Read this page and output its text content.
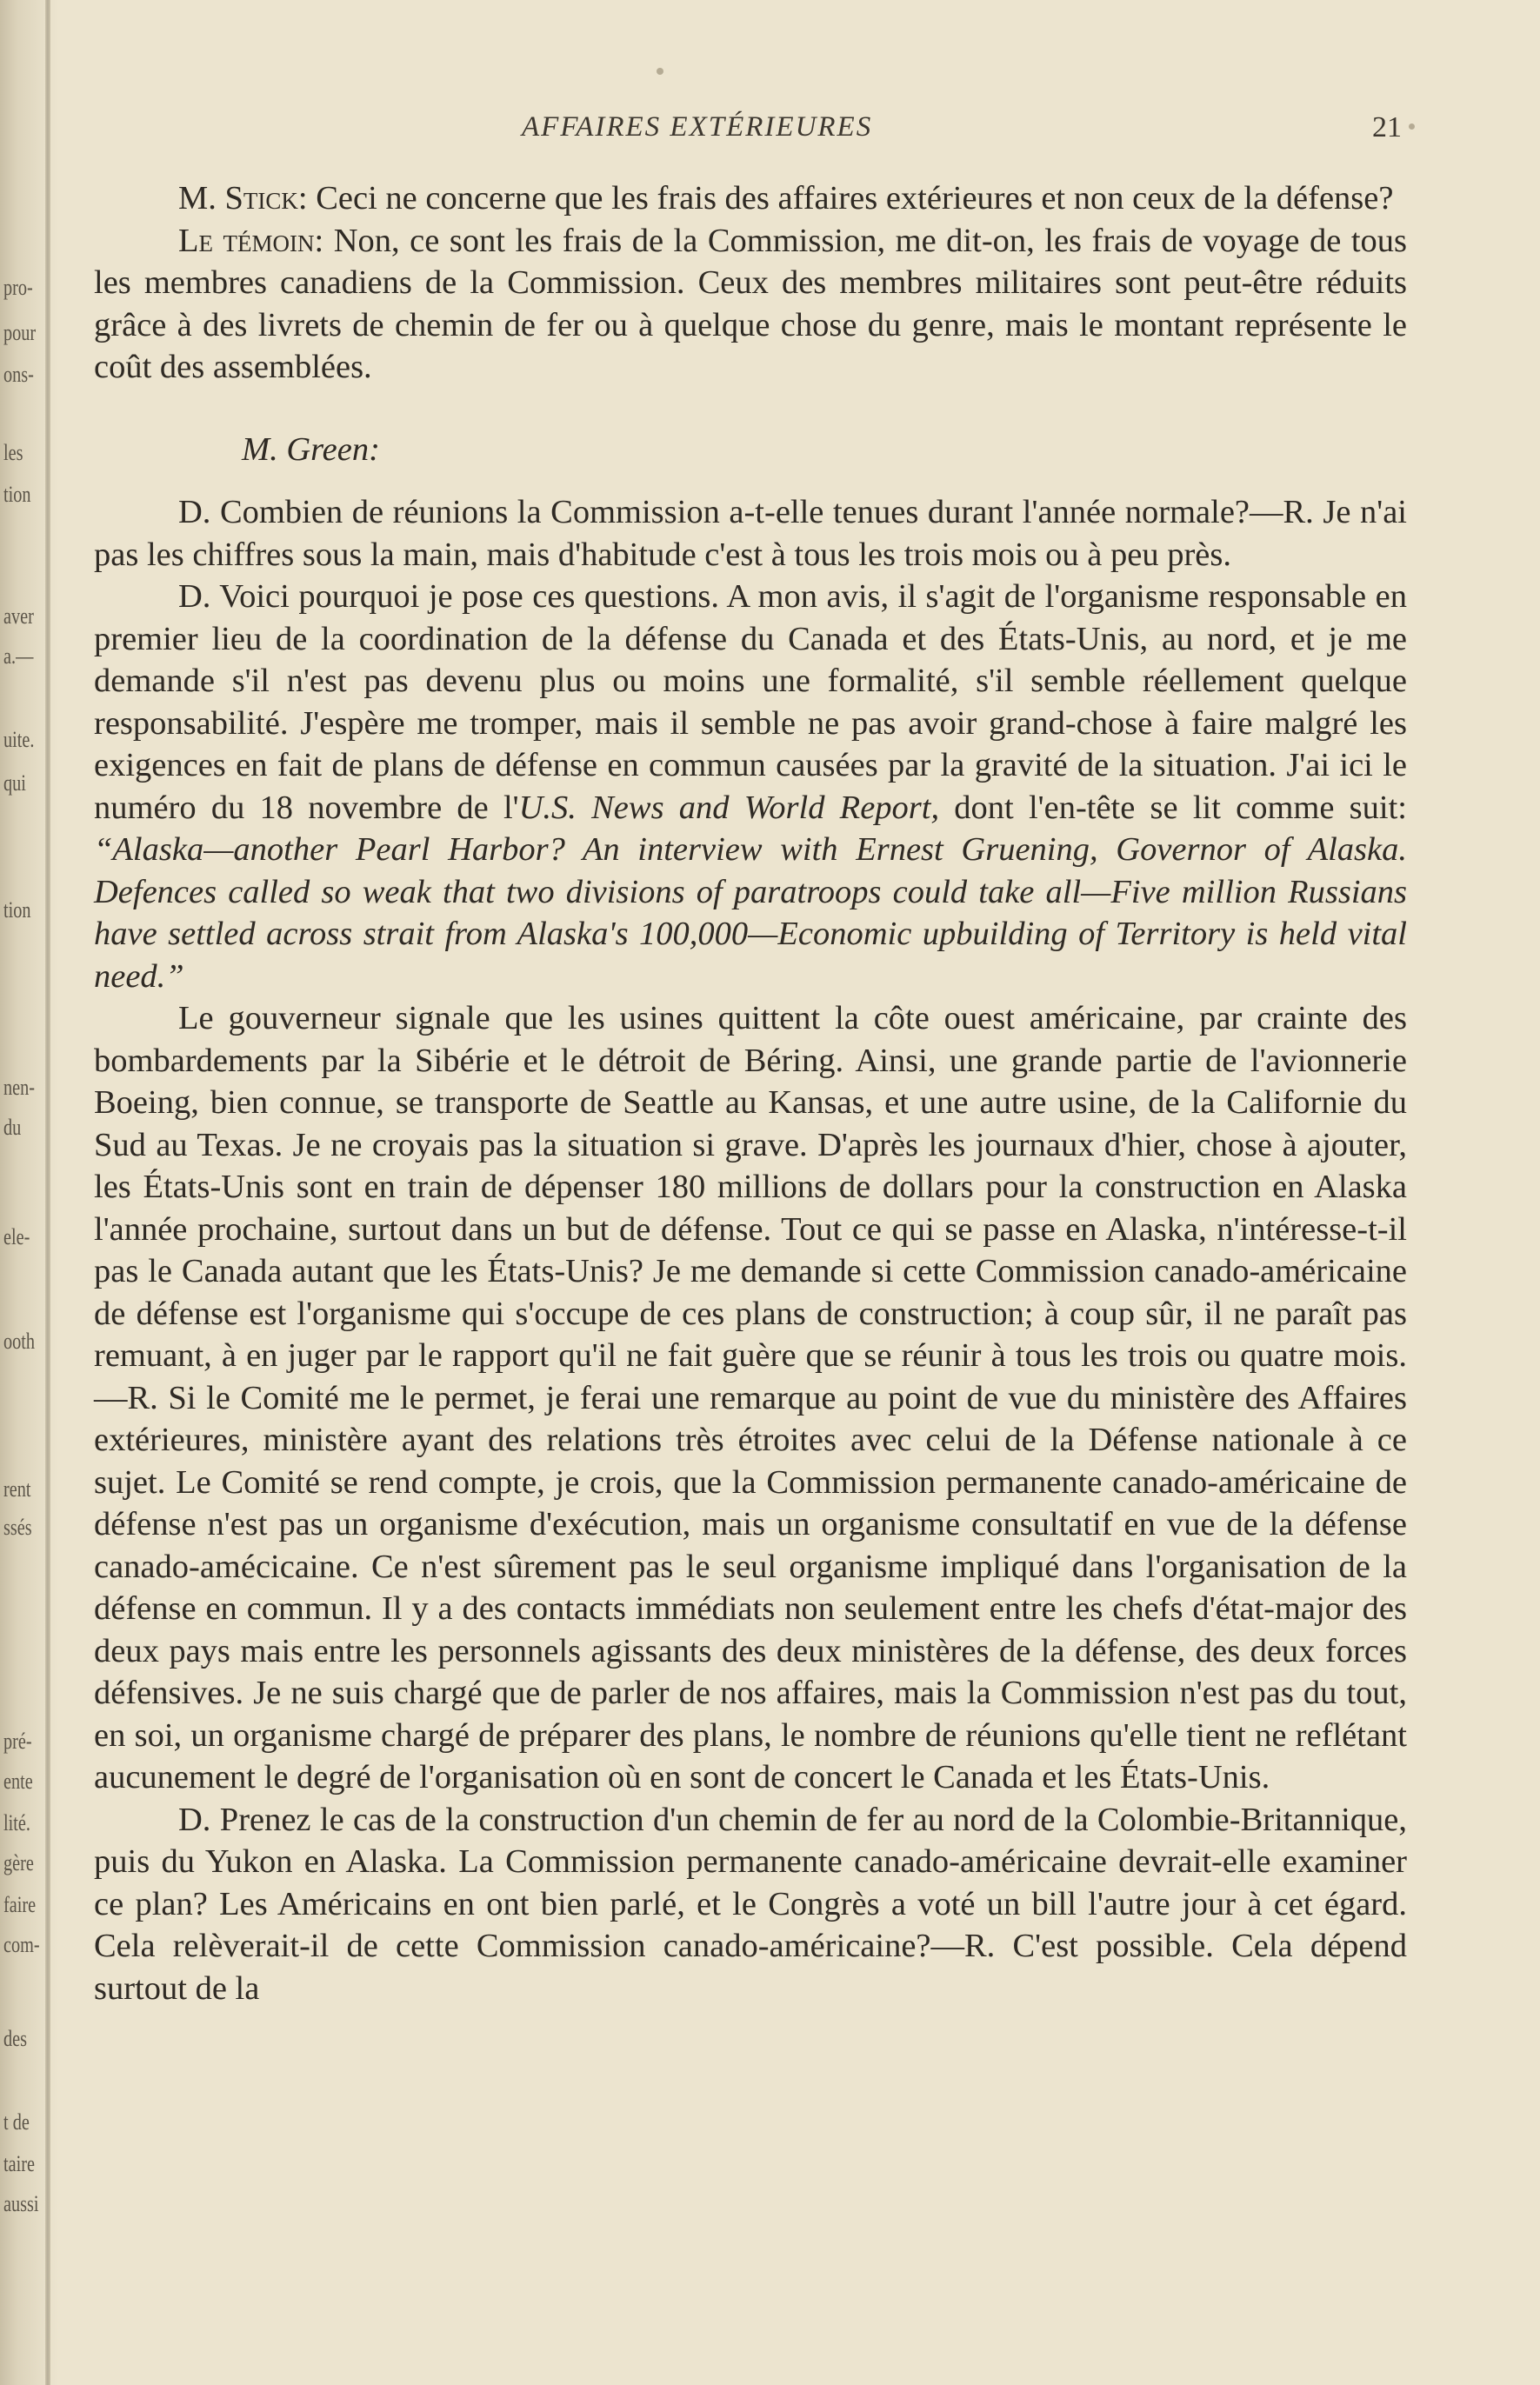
pro-
pour
ons-
les
tion
aver
a.—
uite.
qui
tion
nen-
du
ele-
ooth
rent
ssés
pré-
ente
lité.
gère
faire
com-
des
t de
taire
aussi
AFFAIRES EXTÉRIEURES	21

M. Stick: Ceci ne concerne que les frais des affaires extérieures et non ceux de la défense?

Le témoin: Non, ce sont les frais de la Commission, me dit-on, les frais de voyage de tous les membres canadiens de la Commission. Ceux des membres militaires sont peut-être réduits grâce à des livrets de chemin de fer ou à quelque chose du genre, mais le montant représente le coût des assemblées.

M. Green:

D. Combien de réunions la Commission a-t-elle tenues durant l'année normale?—R. Je n'ai pas les chiffres sous la main, mais d'habitude c'est à tous les trois mois ou à peu près.

D. Voici pourquoi je pose ces questions. A mon avis, il s'agit de l'organisme responsable en premier lieu de la coordination de la défense du Canada et des États-Unis, au nord, et je me demande s'il n'est pas devenu plus ou moins une formalité, s'il semble réellement quelque responsabilité. J'espère me tromper, mais il semble ne pas avoir grand-chose à faire malgré les exigences en fait de plans de défense en commun causées par la gravité de la situation. J'ai ici le numéro du 18 novembre de l'U.S. News and World Report, dont l'en-tête se lit comme suit: “Alaska—another Pearl Harbor? An interview with Ernest Gruening, Governor of Alaska. Defences called so weak that two divisions of paratroops could take all—Five million Russians have settled across strait from Alaska's 100,000—Economic upbuilding of Territory is held vital need.”

Le gouverneur signale que les usines quittent la côte ouest américaine, par crainte des bombardements par la Sibérie et le détroit de Béring. Ainsi, une grande partie de l'avionnerie Boeing, bien connue, se transporte de Seattle au Kansas, et une autre usine, de la Californie du Sud au Texas. Je ne croyais pas la situation si grave. D'après les journaux d'hier, chose à ajouter, les États-Unis sont en train de dépenser 180 millions de dollars pour la construction en Alaska l'année prochaine, surtout dans un but de défense. Tout ce qui se passe en Alaska, n'intéresse-t-il pas le Canada autant que les États-Unis? Je me demande si cette Commission canado-américaine de défense est l'organisme qui s'occupe de ces plans de construction; à coup sûr, il ne paraît pas remuant, à en juger par le rapport qu'il ne fait guère que se réunir à tous les trois ou quatre mois.—R. Si le Comité me le permet, je ferai une remarque au point de vue du ministère des Affaires extérieures, ministère ayant des relations très étroites avec celui de la Défense nationale à ce sujet. Le Comité se rend compte, je crois, que la Commission permanente canado-américaine de défense n'est pas un organisme d'exécution, mais un organisme consultatif en vue de la défense canado-amécicaine. Ce n'est sûrement pas le seul organisme impliqué dans l'organisation de la défense en commun. Il y a des contacts immédiats non seulement entre les chefs d'état-major des deux pays mais entre les personnels agissants des deux ministères de la défense, des deux forces défensives. Je ne suis chargé que de parler de nos affaires, mais la Commission n'est pas du tout, en soi, un organisme chargé de préparer des plans, le nombre de réunions qu'elle tient ne reflétant aucunement le degré de l'organisation où en sont de concert le Canada et les États-Unis.

D. Prenez le cas de la construction d'un chemin de fer au nord de la Colombie-Britannique, puis du Yukon en Alaska. La Commission permanente canado-américaine devrait-elle examiner ce plan? Les Américains en ont bien parlé, et le Congrès a voté un bill l'autre jour à cet égard. Cela relèverait-il de cette Commission canado-américaine?—R. C'est possible. Cela dépend surtout de la
